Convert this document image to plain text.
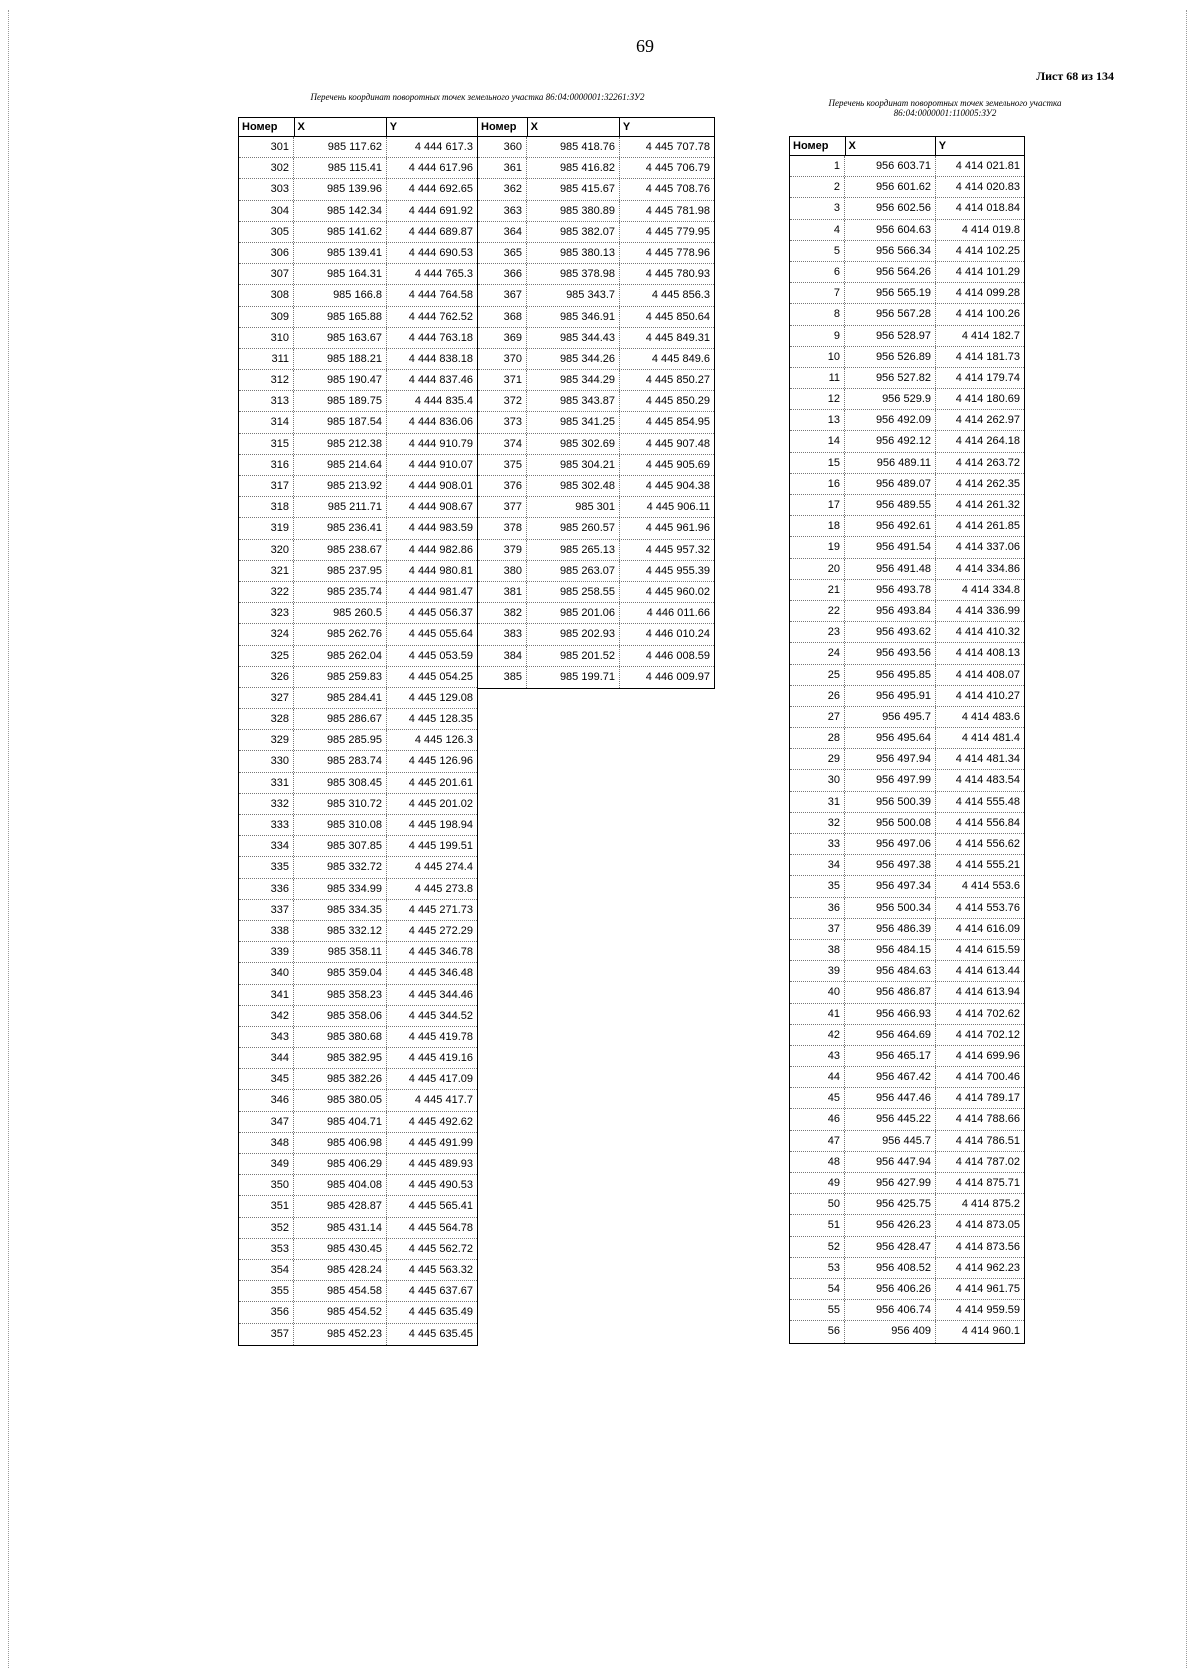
69
Лист 68 из 134
Перечень координат поворотных точек земельного участка 86:04:0000001:32261:ЗУ2
Перечень координат поворотных точек земельного участка
86:04:0000001:110005:ЗУ2
Номер	X	Y
301	985 117.62	4 444 617.3
302	985 115.41	4 444 617.96
303	985 139.96	4 444 692.65
304	985 142.34	4 444 691.92
305	985 141.62	4 444 689.87
306	985 139.41	4 444 690.53
307	985 164.31	4 444 765.3
308	985 166.8	4 444 764.58
309	985 165.88	4 444 762.52
310	985 163.67	4 444 763.18
311	985 188.21	4 444 838.18
312	985 190.47	4 444 837.46
313	985 189.75	4 444 835.4
314	985 187.54	4 444 836.06
315	985 212.38	4 444 910.79
316	985 214.64	4 444 910.07
317	985 213.92	4 444 908.01
318	985 211.71	4 444 908.67
319	985 236.41	4 444 983.59
320	985 238.67	4 444 982.86
321	985 237.95	4 444 980.81
322	985 235.74	4 444 981.47
323	985 260.5	4 445 056.37
324	985 262.76	4 445 055.64
325	985 262.04	4 445 053.59
326	985 259.83	4 445 054.25
327	985 284.41	4 445 129.08
328	985 286.67	4 445 128.35
329	985 285.95	4 445 126.3
330	985 283.74	4 445 126.96
331	985 308.45	4 445 201.61
332	985 310.72	4 445 201.02
333	985 310.08	4 445 198.94
334	985 307.85	4 445 199.51
335	985 332.72	4 445 274.4
336	985 334.99	4 445 273.8
337	985 334.35	4 445 271.73
338	985 332.12	4 445 272.29
339	985 358.11	4 445 346.78
340	985 359.04	4 445 346.48
341	985 358.23	4 445 344.46
342	985 358.06	4 445 344.52
343	985 380.68	4 445 419.78
344	985 382.95	4 445 419.16
345	985 382.26	4 445 417.09
346	985 380.05	4 445 417.7
347	985 404.71	4 445 492.62
348	985 406.98	4 445 491.99
349	985 406.29	4 445 489.93
350	985 404.08	4 445 490.53
351	985 428.87	4 445 565.41
352	985 431.14	4 445 564.78
353	985 430.45	4 445 562.72
354	985 428.24	4 445 563.32
355	985 454.58	4 445 637.67
356	985 454.52	4 445 635.49
357	985 452.23	4 445 635.45
Номер	X	Y
360	985 418.76	4 445 707.78
361	985 416.82	4 445 706.79
362	985 415.67	4 445 708.76
363	985 380.89	4 445 781.98
364	985 382.07	4 445 779.95
365	985 380.13	4 445 778.96
366	985 378.98	4 445 780.93
367	985 343.7	4 445 856.3
368	985 346.91	4 445 850.64
369	985 344.43	4 445 849.31
370	985 344.26	4 445 849.6
371	985 344.29	4 445 850.27
372	985 343.87	4 445 850.29
373	985 341.25	4 445 854.95
374	985 302.69	4 445 907.48
375	985 304.21	4 445 905.69
376	985 302.48	4 445 904.38
377	985 301	4 445 906.11
378	985 260.57	4 445 961.96
379	985 265.13	4 445 957.32
380	985 263.07	4 445 955.39
381	985 258.55	4 445 960.02
382	985 201.06	4 446 011.66
383	985 202.93	4 446 010.24
384	985 201.52	4 446 008.59
385	985 199.71	4 446 009.97
Номер	X	Y
1	956 603.71	4 414 021.81
2	956 601.62	4 414 020.83
3	956 602.56	4 414 018.84
4	956 604.63	4 414 019.8
5	956 566.34	4 414 102.25
6	956 564.26	4 414 101.29
7	956 565.19	4 414 099.28
8	956 567.28	4 414 100.26
9	956 528.97	4 414 182.7
10	956 526.89	4 414 181.73
11	956 527.82	4 414 179.74
12	956 529.9	4 414 180.69
13	956 492.09	4 414 262.97
14	956 492.12	4 414 264.18
15	956 489.11	4 414 263.72
16	956 489.07	4 414 262.35
17	956 489.55	4 414 261.32
18	956 492.61	4 414 261.85
19	956 491.54	4 414 337.06
20	956 491.48	4 414 334.86
21	956 493.78	4 414 334.8
22	956 493.84	4 414 336.99
23	956 493.62	4 414 410.32
24	956 493.56	4 414 408.13
25	956 495.85	4 414 408.07
26	956 495.91	4 414 410.27
27	956 495.7	4 414 483.6
28	956 495.64	4 414 481.4
29	956 497.94	4 414 481.34
30	956 497.99	4 414 483.54
31	956 500.39	4 414 555.48
32	956 500.08	4 414 556.84
33	956 497.06	4 414 556.62
34	956 497.38	4 414 555.21
35	956 497.34	4 414 553.6
36	956 500.34	4 414 553.76
37	956 486.39	4 414 616.09
38	956 484.15	4 414 615.59
39	956 484.63	4 414 613.44
40	956 486.87	4 414 613.94
41	956 466.93	4 414 702.62
42	956 464.69	4 414 702.12
43	956 465.17	4 414 699.96
44	956 467.42	4 414 700.46
45	956 447.46	4 414 789.17
46	956 445.22	4 414 788.66
47	956 445.7	4 414 786.51
48	956 447.94	4 414 787.02
49	956 427.99	4 414 875.71
50	956 425.75	4 414 875.2
51	956 426.23	4 414 873.05
52	956 428.47	4 414 873.56
53	956 408.52	4 414 962.23
54	956 406.26	4 414 961.75
55	956 406.74	4 414 959.59
56	956 409	4 414 960.1
